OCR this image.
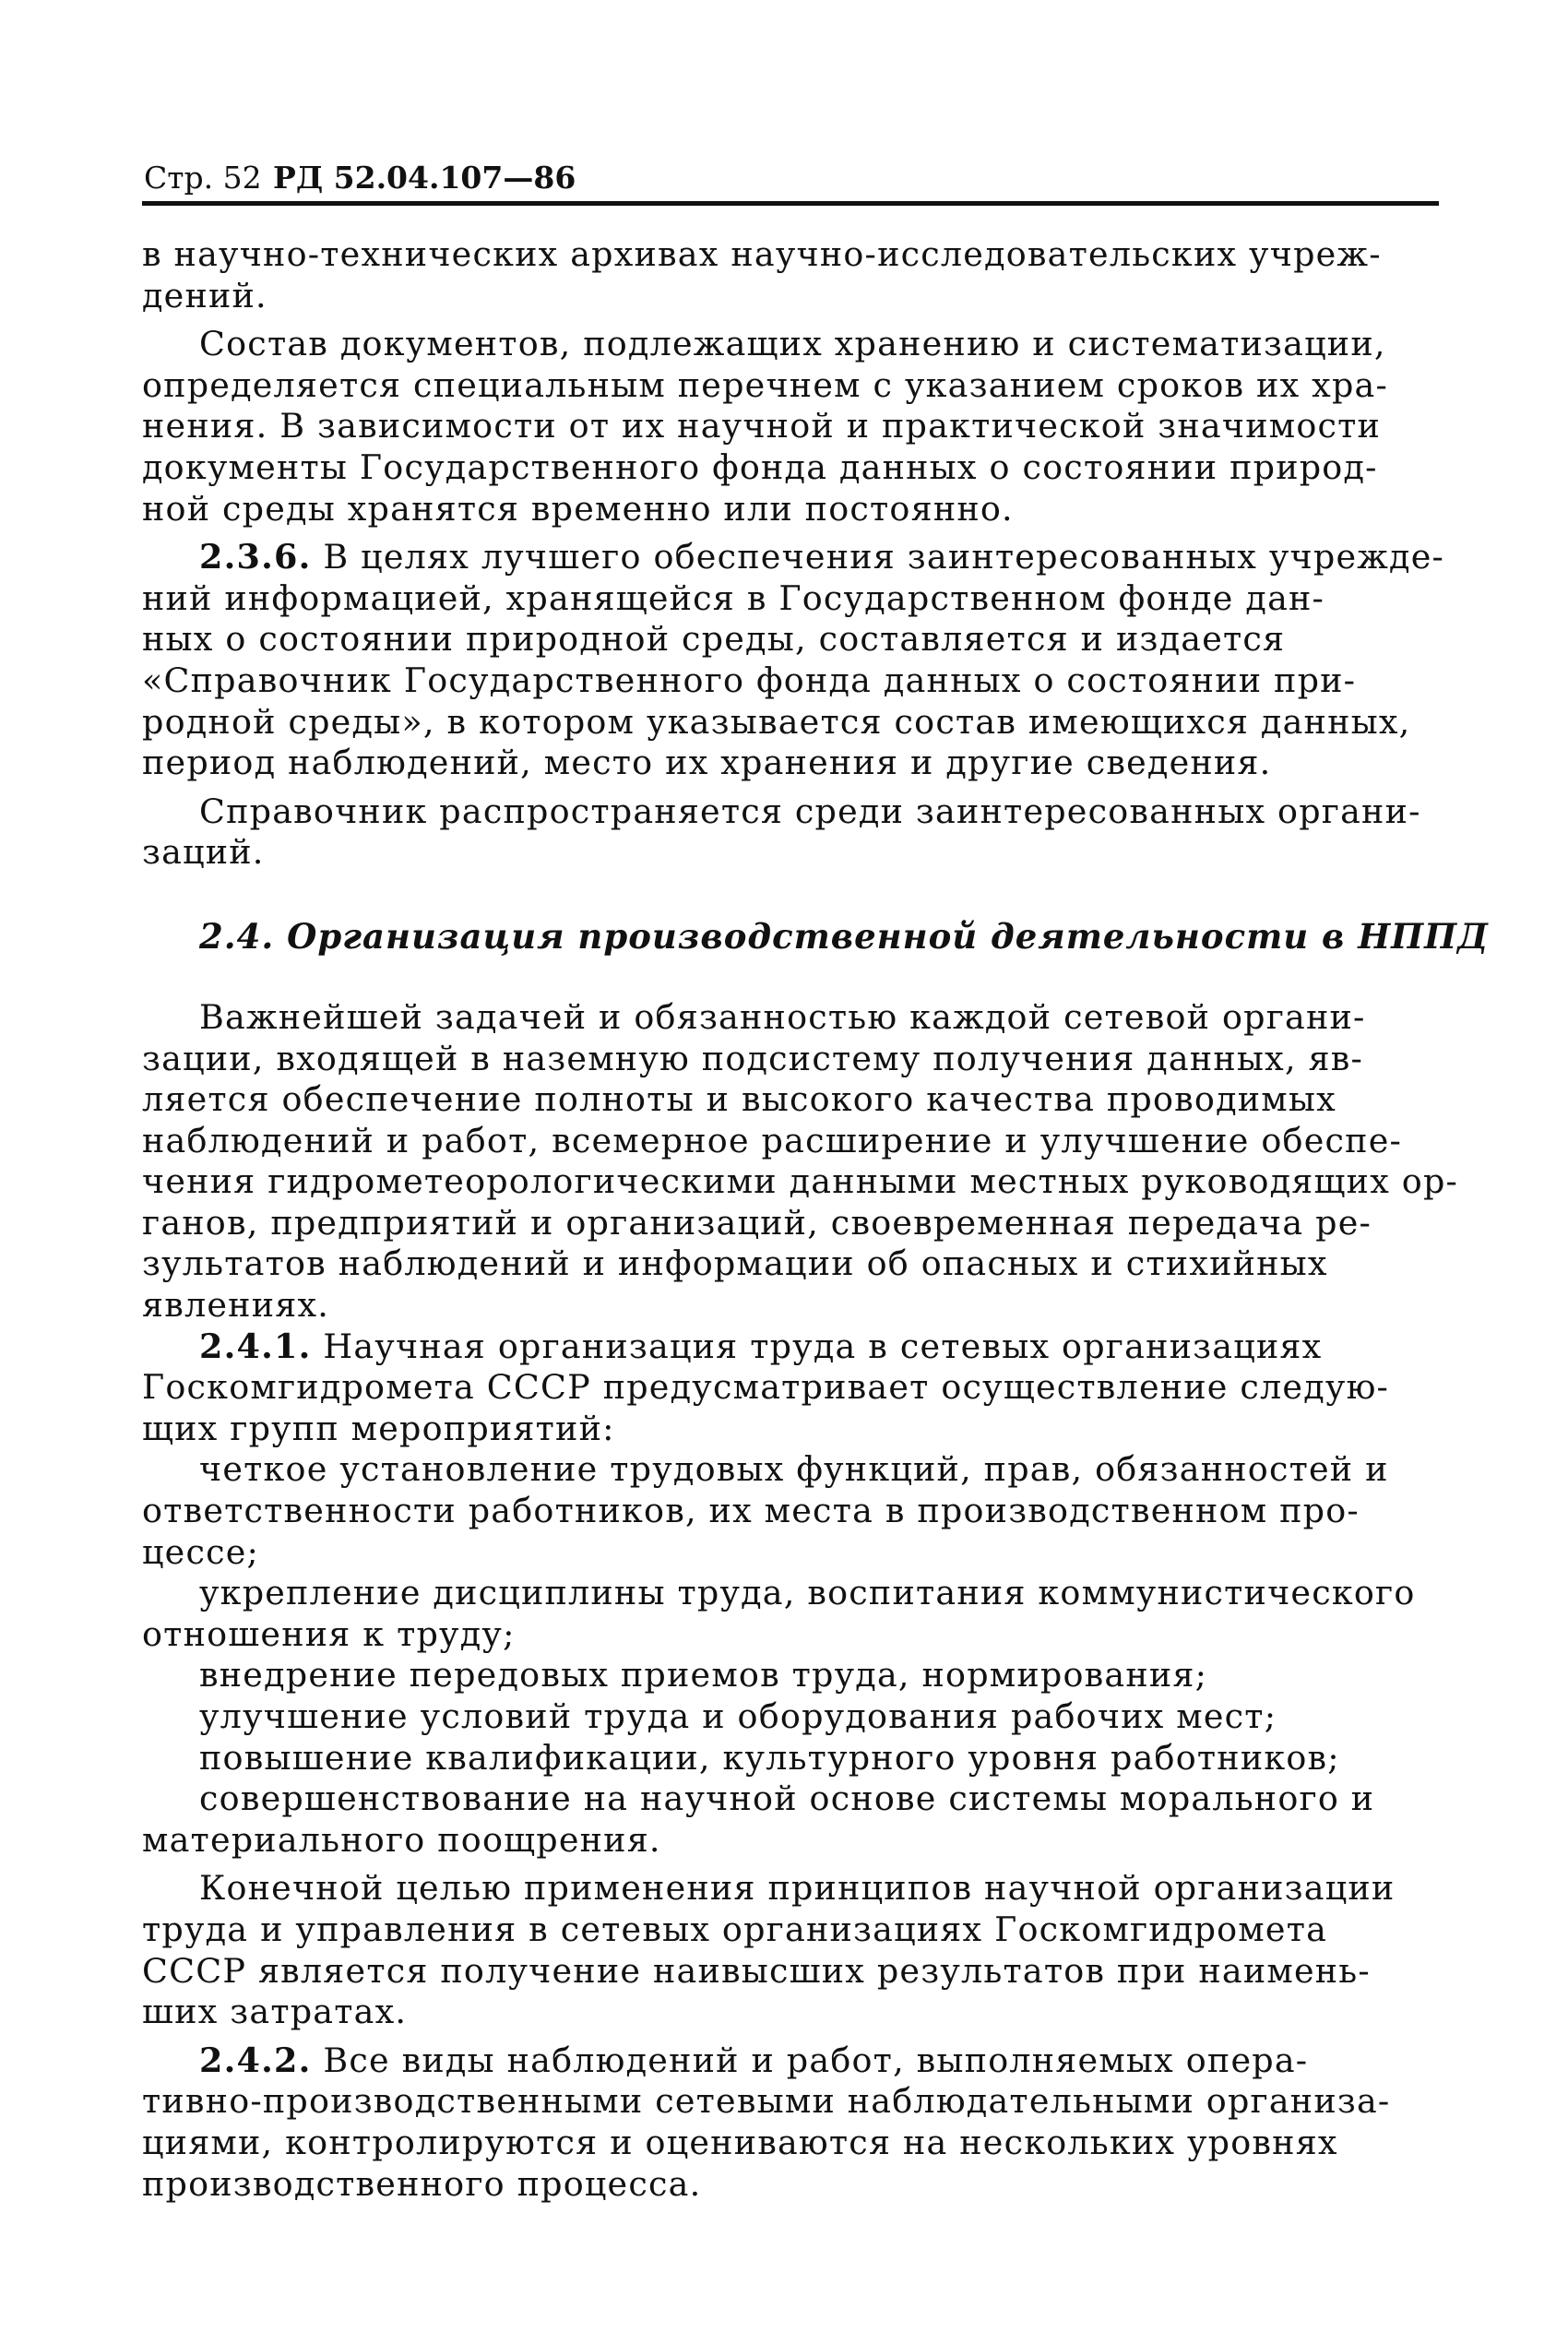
Стр. 52 РД 52.04.107—86

в научно-технических архивах научно-исследовательских учреж-
дений.

Состав документов, подлежащих хранению и систематизации,
определяется специальным перечнем с указанием сроков их хра-
нения. В зависимости от их научной и практической значимости
документы Государственного фонда данных о состоянии природ-
ной среды хранятся временно или постоянно.

2.3.6. В целях лучшего обеспечения заинтересованных учрежде-
ний информацией, хранящейся в Государственном фонде дан-
ных о состоянии природной среды, составляется и издается
«Справочник Государственного фонда данных о состоянии при-
родной среды», в котором указывается состав имеющихся данных,
период наблюдений, место их хранения и другие сведения.

Справочник распространяется среди заинтересованных органи-
заций.

2.4. Организация производственной деятельности в НППД

Важнейшей задачей и обязанностью каждой сетевой органи-
зации, входящей в наземную подсистему получения данных, яв-
ляется обеспечение полноты и высокого качества проводимых
наблюдений и работ, всемерное расширение и улучшение обеспе-
чения гидрометеорологическими данными местных руководящих ор-
ганов, предприятий и организаций, своевременная передача ре-
зультатов наблюдений и информации об опасных и стихийных
явлениях.

2.4.1. Научная организация труда в сетевых организациях
Госкомгидромета СССР предусматривает осуществление следую-
щих групп мероприятий:

четкое установление трудовых функций, прав, обязанностей и
ответственности работников, их места в производственном про-
цессе;

укрепление дисциплины труда, воспитания коммунистического
отношения к труду;

внедрение передовых приемов труда, нормирования;

улучшение условий труда и оборудования рабочих мест;

повышение квалификации, культурного уровня работников;

совершенствование на научной основе системы морального и
материального поощрения.

Конечной целью применения принципов научной организации
труда и управления в сетевых организациях Госкомгидромета
СССР является получение наивысших результатов при наимень-
ших затратах.

2.4.2. Все виды наблюдений и работ, выполняемых опера-
тивно-производственными сетевыми наблюдательными организа-
циями, контролируются и оцениваются на нескольких уровнях
производственного процесса.
